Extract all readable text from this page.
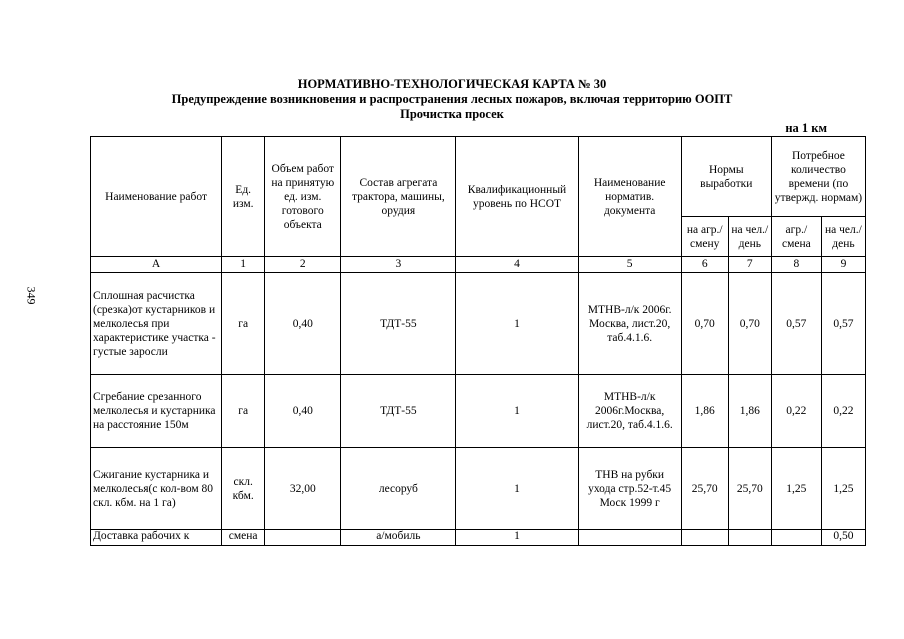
349
НОРМАТИВНО-ТЕХНОЛОГИЧЕСКАЯ КАРТА № 30
Предупреждение возникновения и распространения лесных пожаров, включая территорию ООПТ
Прочистка просек
на 1 км
Наименование работ	Ед. изм.	Объем работ на принятую ед. изм. готового объекта	Состав агрегата трактора, машины, орудия	Квалификационный уровень по НСОТ	Наименование норматив. документа	Нормы выработки		Потребное количество времени (по утвержд. нормам)	
						на агр./ смену	на чел./ день	агр./ смена	на чел./ день
А	1	2	3	4	5	6	7	8	9
Сплошная расчистка (срезка)от кустарников и мелколесья при характеристике участка - густые заросли	га	0,40	ТДТ-55	1	МТНВ-л/к 2006г. Москва, лист.20, таб.4.1.6.	0,70	0,70	0,57	0,57
Сгребание срезанного мелколесья и кустарника на расстояние 150м	га	0,40	ТДТ-55	1	МТНВ-л/к 2006г.Москва, лист.20, таб.4.1.6.	1,86	1,86	0,22	0,22
Сжигание кустарника и мелколесья(с кол-вом 80 скл. кбм. на 1 га)	скл. кбм.	32,00	лесоруб	1	ТНВ на рубки ухода стр.52-т.45 Моск 1999 г	25,70	25,70	1,25	1,25
Доставка рабочих к	смена		а/мобиль	1					0,50
